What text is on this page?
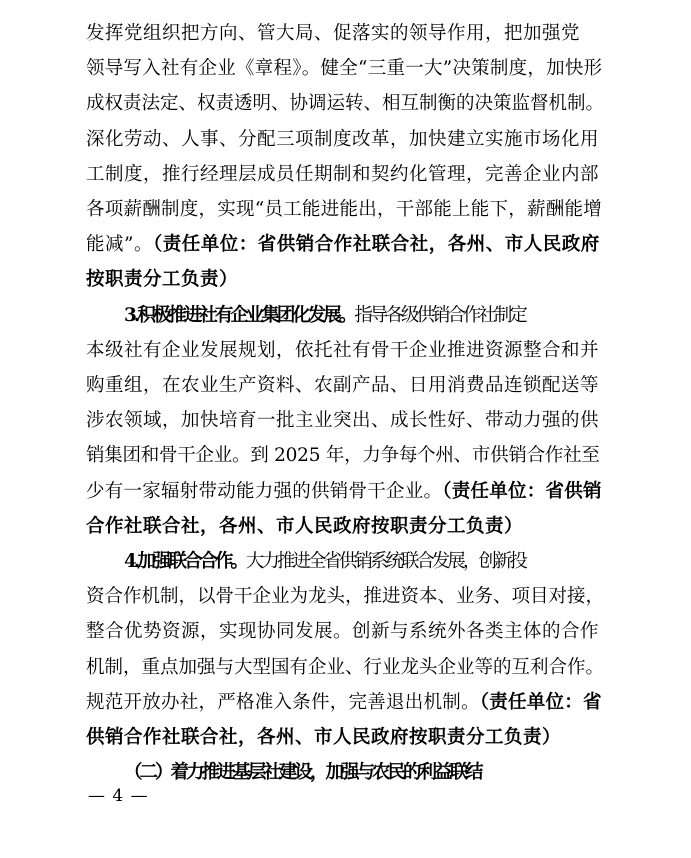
发挥党组织把方向、管大局、促落实的领导作用，把加强党
领导写入社有企业《章程》。健全“三重一大”决策制度，加快形
成权责法定、权责透明、协调运转、相互制衡的决策监督机制。
深化劳动、人事、分配三项制度改革，加快建立实施市场化用
工制度，推行经理层成员任期制和契约化管理，完善企业内部
各项薪酬制度，实现“员工能进能出，干部能上能下，薪酬能增
能减”。（责任单位：省供销合作社联合社，各州、市人民政府
按职责分工负责）
3.积极推进社有企业集团化发展。指导各级供销合作社制定
本级社有企业发展规划，依托社有骨干企业推进资源整合和并
购重组，在农业生产资料、农副产品、日用消费品连锁配送等
涉农领域，加快培育一批主业突出、成长性好、带动力强的供
销集团和骨干企业。到 2025 年，力争每个州、市供销合作社至
少有一家辐射带动能力强的供销骨干企业。（责任单位：省供销
合作社联合社，各州、市人民政府按职责分工负责）
4.加强联合合作。大力推进全省供销系统联合发展，创新投
资合作机制，以骨干企业为龙头，推进资本、业务、项目对接，
整合优势资源，实现协同发展。创新与系统外各类主体的合作
机制，重点加强与大型国有企业、行业龙头企业等的互利合作。
规范开放办社，严格准入条件，完善退出机制。（责任单位：省
供销合作社联合社，各州、市人民政府按职责分工负责）
（二）着力推进基层社建设，加强与农民的利益联结
— 4 —
